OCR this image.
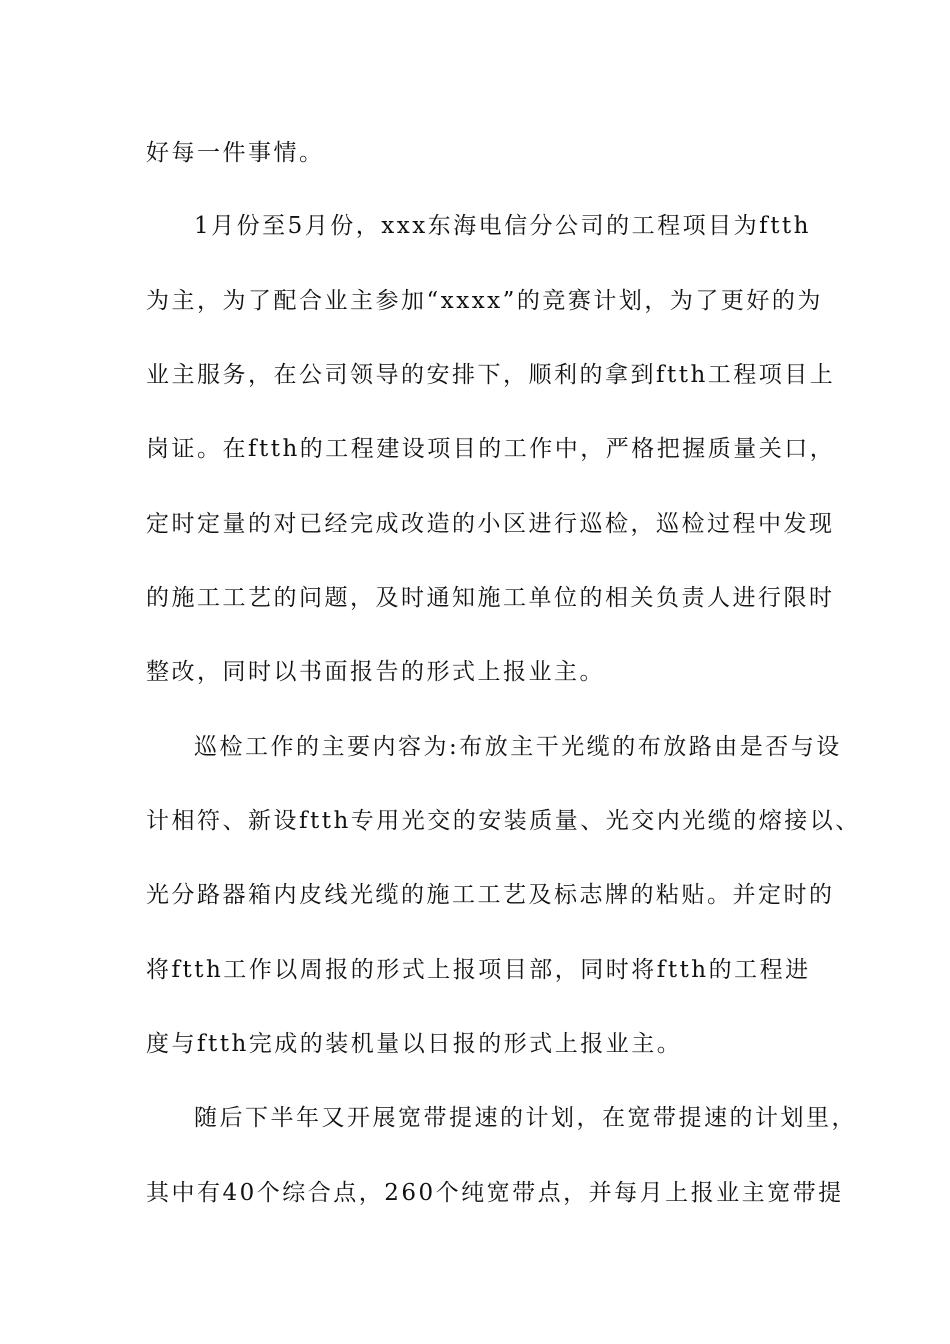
好每一件事情。
1月份至5月份，xxx东海电信分公司的工程项目为ftth
为主，为了配合业主参加“xxxx”的竞赛计划，为了更好的为
业主服务，在公司领导的安排下，顺利的拿到ftth工程项目上
岗证。在ftth的工程建设项目的工作中，严格把握质量关口，
定时定量的对已经完成改造的小区进行巡检，巡检过程中发现
的施工工艺的问题，及时通知施工单位的相关负责人进行限时
整改，同时以书面报告的形式上报业主。
巡检工作的主要内容为:布放主干光缆的布放路由是否与设
计相符、新设ftth专用光交的安装质量、光交内光缆的熔接以、
光分路器箱内皮线光缆的施工工艺及标志牌的粘贴。并定时的
将ftth工作以周报的形式上报项目部，同时将ftth的工程进
度与ftth完成的装机量以日报的形式上报业主。
随后下半年又开展宽带提速的计划，在宽带提速的计划里，
其中有40个综合点，260个纯宽带点，并每月上报业主宽带提
